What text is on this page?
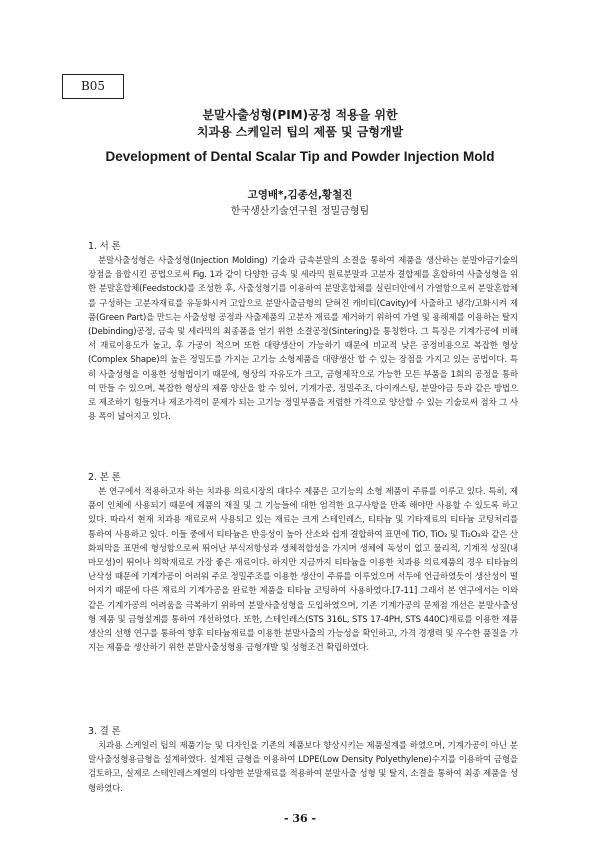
B05
분말사출성형(PIM)공정 적용을 위한
치과용 스케일러 팁의 제품 및 금형개발
Development of Dental Scalar Tip and Powder Injection Mold
고영배*,김종선,황철진
한국생산기술연구원 정밀금형팀
1. 서 론

분말사출성형은 사출성형(Injection Molding) 기술과 금속분말의 소결을 통하여 제품을 생산하는 분말야금기술의 장점을 융합시킨 공법으로써 Fig. 1과 같이 다양한 금속 및 세라믹 원료분말과 고분자 결합제를 혼합하여 사출성형을 위한 분말혼합체(Feedstock)를 조성한 후, 사출성형기를 이용하여 분말혼합체를 실린더안에서 가열함으로써 분말혼합체를 구성하는 고분자재료를 유동화시켜 고압으로 분말사출금형의 닫혀진 캐비티(Cavity)에 사출하고 냉각/고화시켜 제품(Green Part)을 만드는 사출성형 공정과 사출제품의 고분자 재료를 제거하기 위하여 가열 및 용해제를 이용하는 탈지(Debinding)공정, 금속 및 세라믹의 최종품을 얻기 위한 소결공정(Sintering)을 통칭한다. 그 특징은 기계가공에 비해서 재료이용도가 높고, 후 가공이 적으며 또한 대량생산이 가능하기 때문에 비교적 낮은 공정비용으로 복잡한 형상(Complex Shape)의 높은 정밀도를 가지는 고기능 소형제품을 대량생산 할 수 있는 장점을 가지고 있는 공법이다. 특히 사출성형을 이용한 성형법이기 때문에, 형상의 자유도가 크고, 금형제작으로 가능한 모든 부품을 1회의 공정을 통하여 만들 수 있으며, 복잡한 형상의 제품 양산을 할 수 있어, 기계가공, 정밀주조, 다이캐스팅, 분말야금 등과 같은 방법으로 제조하기 힘들거나 제조가격이 문제가 되는 고기능 정밀부품을 저렴한 가격으로 양산할 수 있는 기술로써 점차 그 사용 폭이 넓어지고 있다.

2. 본 론

본 연구에서 적용하고자 하는 치과용 의료시장의 대다수 제품은 고기능의 소형 제품이 주류를 이루고 있다. 특히, 제품이 인체에 사용되기 때문에 제품의 재질 및 그 기능들에 대한 엄격한 요구사항을 만족 해야만 사용할 수 있도록 하고 있다. 따라서 현재 치과용 재료로써 사용되고 있는 재료는 크게 스테인레스, 티타늄 및 기타재료의 티타늄 코팅처리를 통하여 사용하고 있다. 이들 중에서 티타늄은 반응성이 높아 산소와 쉽게 결합하여 표면에 TiO, TiO₂ 및 Ti₂O₃와 같은 산화피막을 표면에 형성함으로써 뛰어난 부식저항성과 생체적합성을 가지며 생체에 독성이 없고 물리적, 기계적 성질(내마모성)이 뛰어나 의학재료로 가장 좋은 재료이다. 하지만 지금까지 티타늄을 이용한 치과용 의료제품의 경우 티타늄의 난삭성 때문에 기계가공이 어려워 주로 정밀주조를 이용한 생산이 주류를 이루었으며 서두에 언급하였듯이 생산성이 떨어지기 때문에 다른 재료의 기계가공을 완료한 제품을 티타늄 코팅하여 사용하였다.[7-11] 그래서 본 연구에서는 이와같은 기계가공의 어려움을 극복하기 위하여 분말사출성형을 도입하였으며, 기존 기계가공의 문제점 개선은 분말사출성형 제품 및 금형설계를 통하여 개선하였다. 또한, 스테인레스(STS 316L, STS 17-4PH, STS 440C)재료를 이용한 제품생산의 선행 연구를 통하여 향후 티타늄재료를 이용한 분말사출의 가능성을 확인하고, 가격 경쟁력 및 우수한 품질을 가지는 제품을 생산하기 위한 분말사출성형용 금형개발 및 성형조건 확립하였다.

3. 결 론

치과용 스케일러 팁의 제품기능 및 디자인을 기존의 제품보다 향상시키는 제품설계를 하였으며, 기계가공이 아닌 분말사출성형용금형을 설계하였다. 설계된 금형을 이용하여 LDPE(Low Density Polyethylene)수지를 이용하여 금형을 검토하고, 실제로 스테인레스계열의 다양한 분말재료를 적용하여 분말사출 성형 및 탈지, 소결을 통하여 최종 제품을 성형하였다.

- 36 -
